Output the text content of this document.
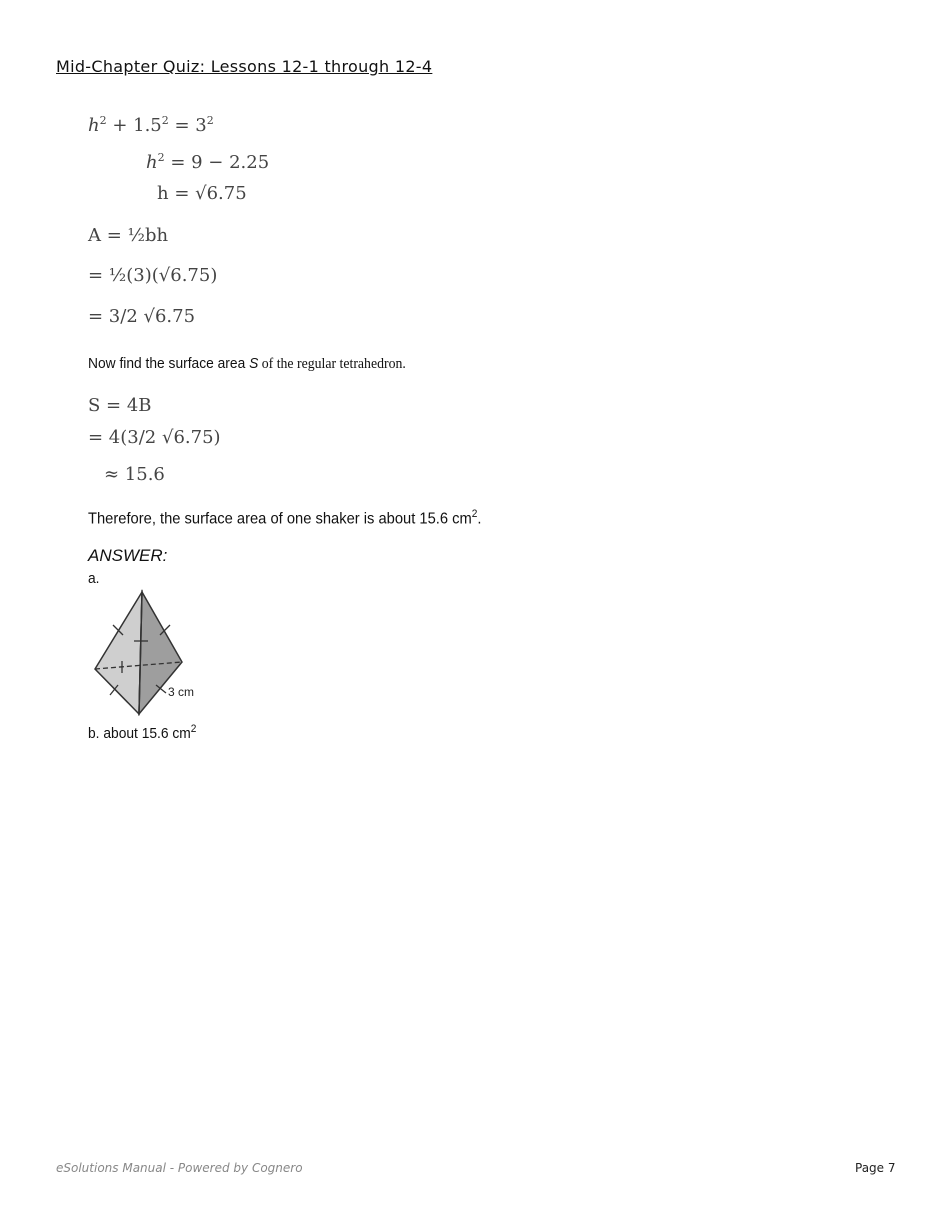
Mid-Chapter Quiz: Lessons 12-1 through 12-4
$h^2 + 1.5^2 = 3^2$
$h^2 = 9 - 2.25$
h = √6.75
A = ½bh
= ½(3)(√6.75)
= 3/2 √6.75
Now find the surface area S of the regular tetrahedron.
S = 4B
= 4(3/2 √6.75)
≈ 15.6
Therefore, the surface area of one shaker is about 15.6 $cm^2$.
ANSWER:
a.
3 cm
b. about 15.6 $cm^2$
eSolutions Manual - Powered by Cognero	Page 7
